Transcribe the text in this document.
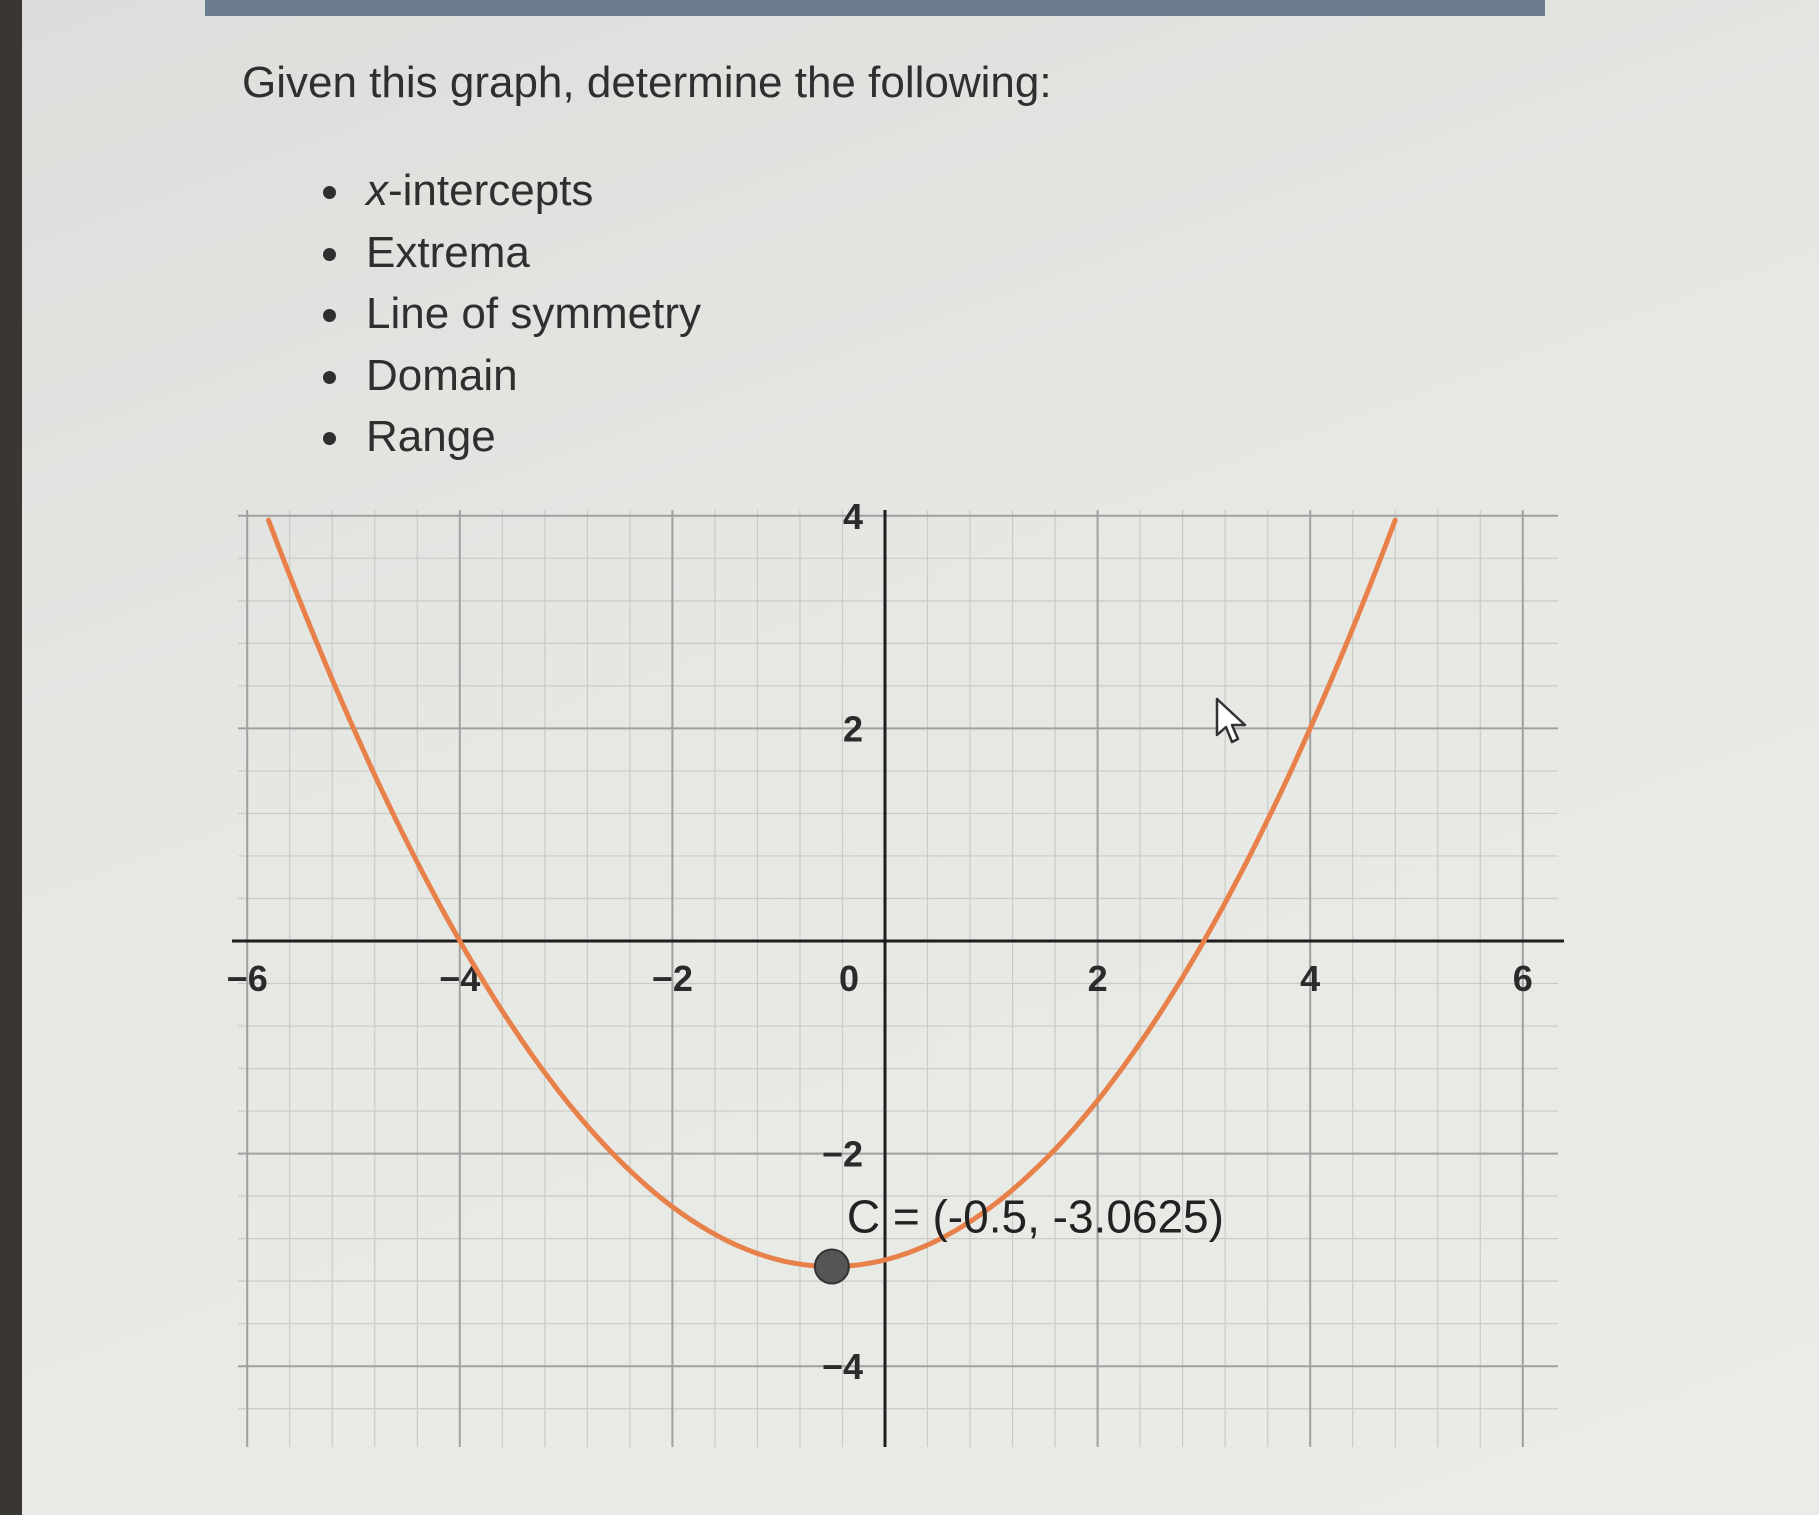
Given this graph, determine the following:
x-intercepts
Extrema
Line of symmetry
Domain
Range
−6	−4	−2	0	2	4	6
−4
−2
2
4
C = (-0.5, -3.0625)
